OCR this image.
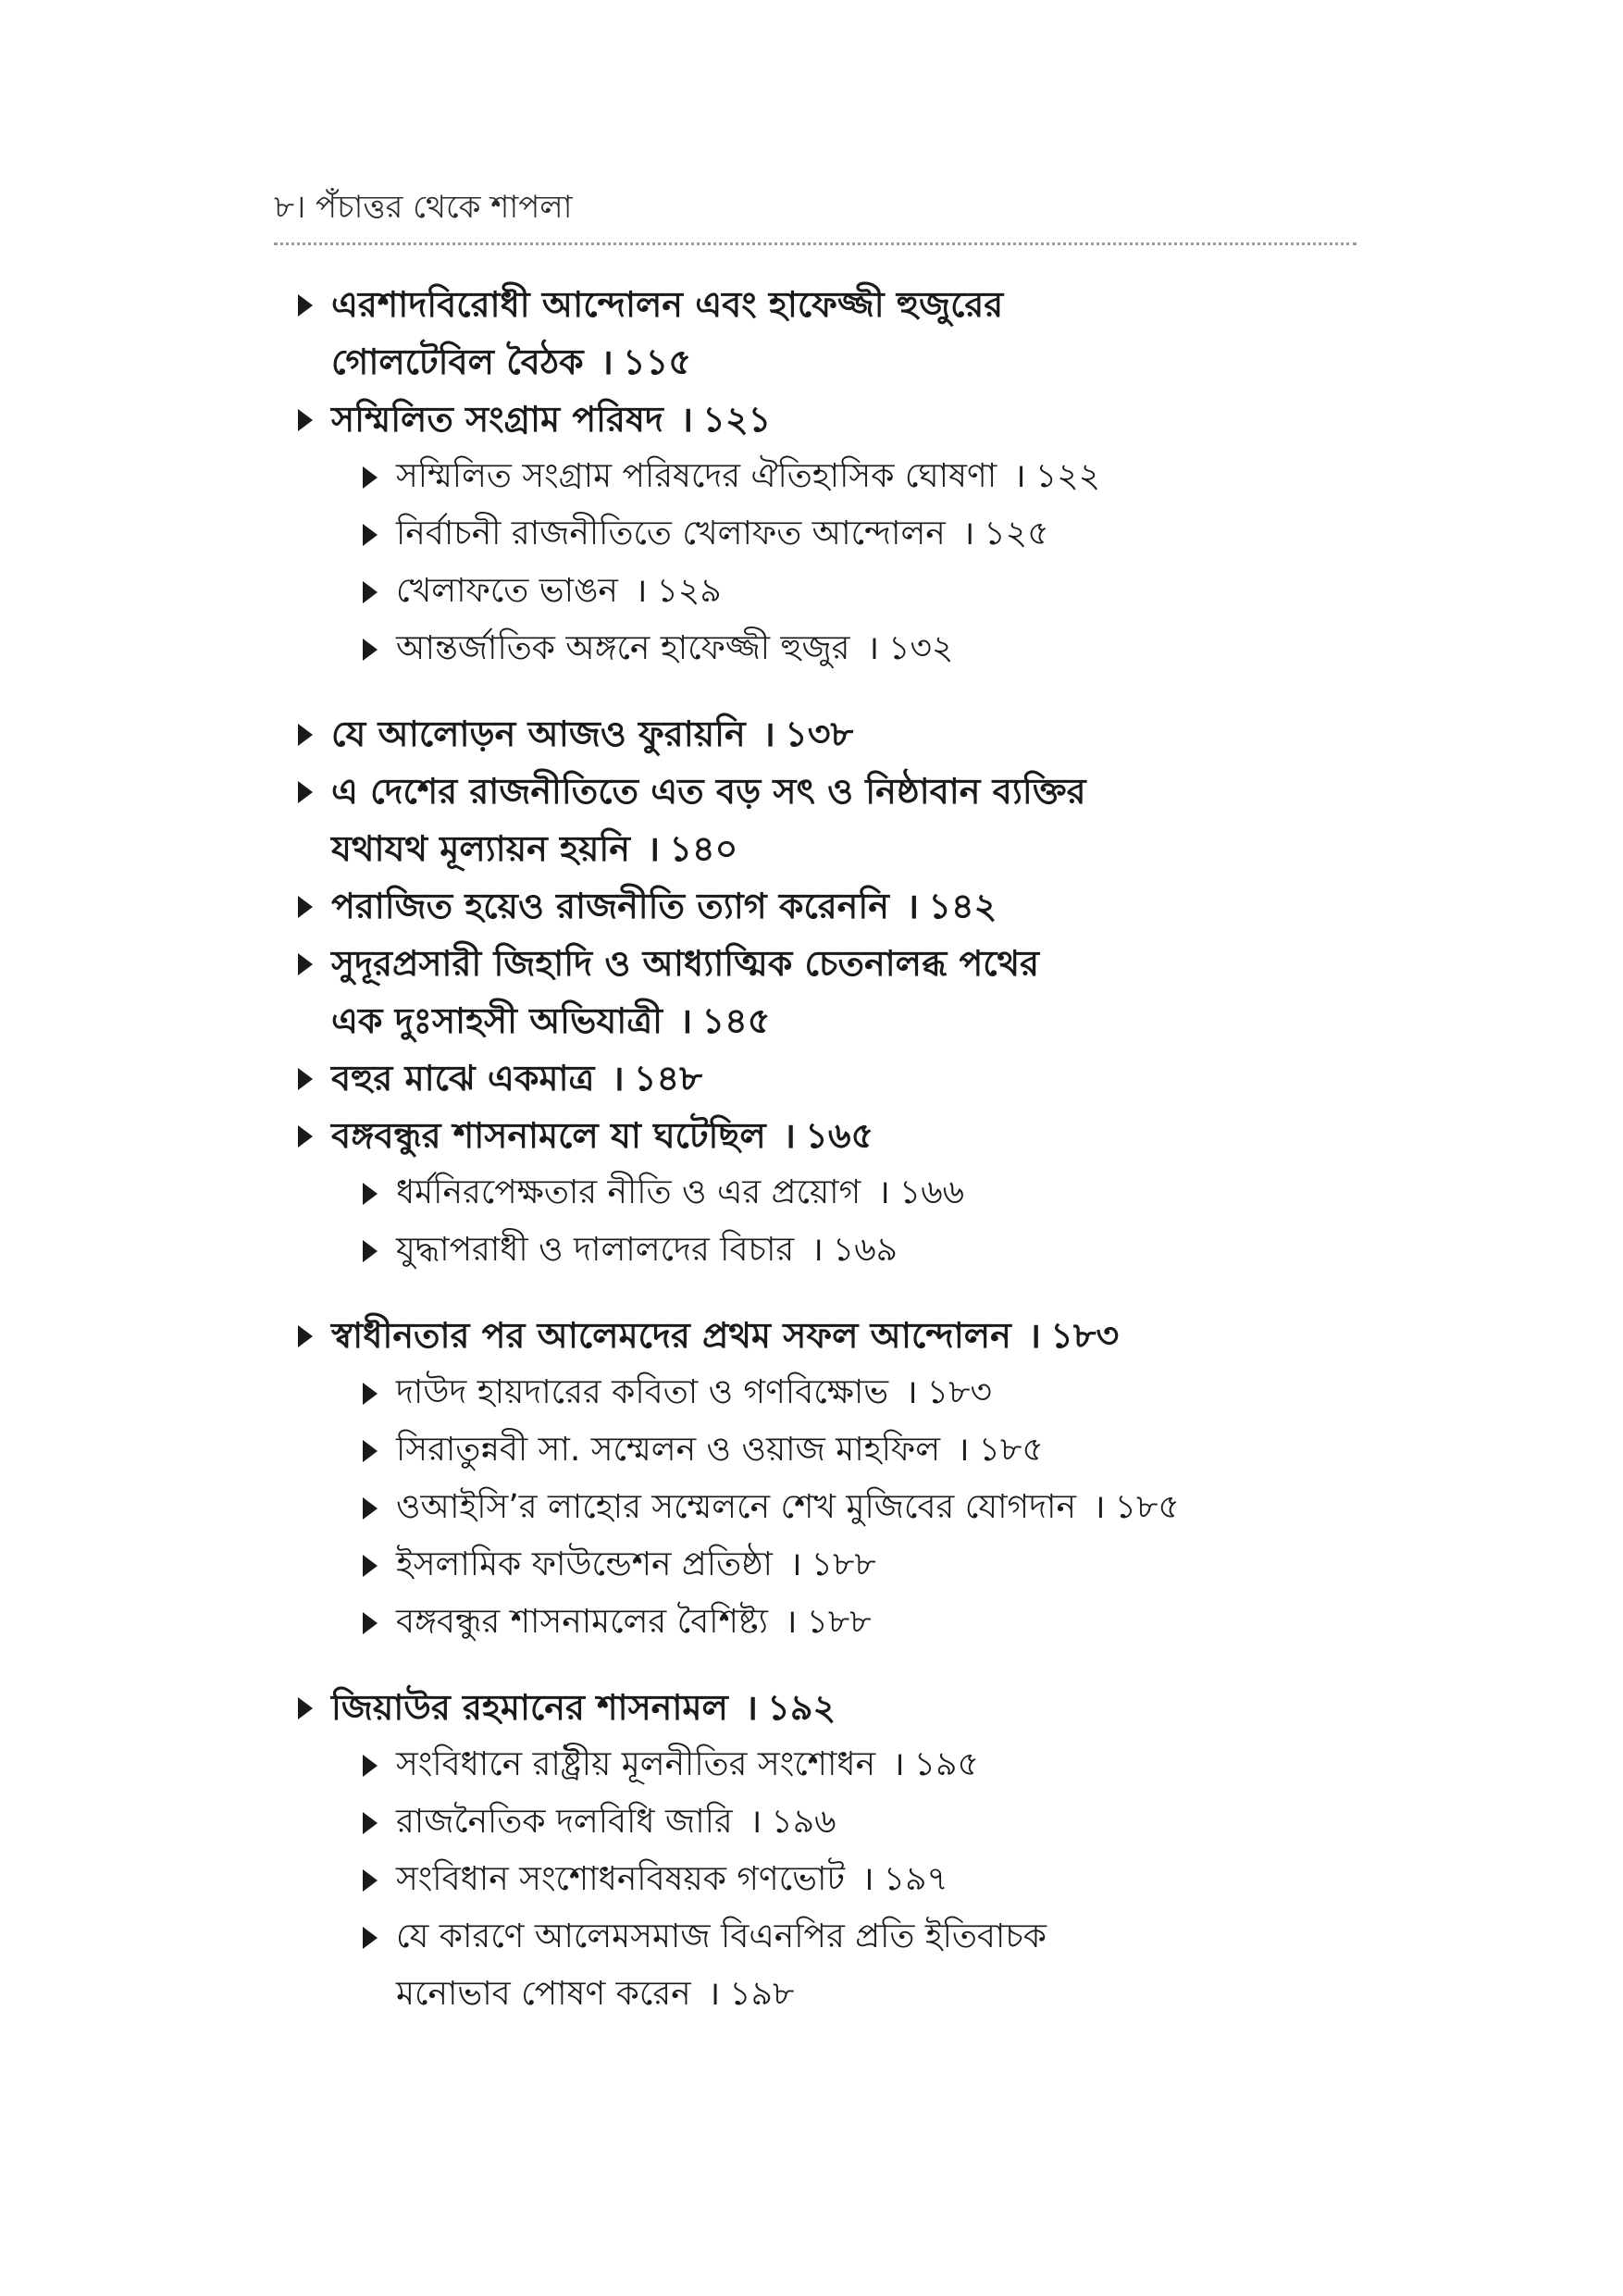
৮। পঁচাত্তর থেকে শাপলা
এরশাদবিরোধী আন্দোলন এবং হাফেজ্জী হুজুরের
গোলটেবিল বৈঠক । ১১৫
সম্মিলিত সংগ্রাম পরিষদ । ১২১
সম্মিলিত সংগ্রাম পরিষদের ঐতিহাসিক ঘোষণা । ১২২
নির্বাচনী রাজনীতিতে খেলাফত আন্দোলন । ১২৫
খেলাফতে ভাঙন । ১২৯
আন্তর্জাতিক অঙ্গনে হাফেজ্জী হুজুর । ১৩২
যে আলোড়ন আজও ফুরায়নি । ১৩৮
এ দেশের রাজনীতিতে এত বড় সৎ ও নিষ্ঠাবান ব্যক্তির
যথাযথ মূল্যায়ন হয়নি । ১৪০
পরাজিত হয়েও রাজনীতি ত্যাগ করেননি । ১৪২
সুদূরপ্রসারী জিহাদি ও আধ্যাত্মিক চেতনালব্ধ পথের
এক দুঃসাহসী অভিযাত্রী । ১৪৫
বহুর মাঝে একমাত্র । ১৪৮
বঙ্গবন্ধুর শাসনামলে যা ঘটেছিল । ১৬৫
ধর্মনিরপেক্ষতার নীতি ও এর প্রয়োগ । ১৬৬
যুদ্ধাপরাধী ও দালালদের বিচার । ১৬৯
স্বাধীনতার পর আলেমদের প্রথম সফল আন্দোলন । ১৮৩
দাউদ হায়দারের কবিতা ও গণবিক্ষোভ । ১৮৩
সিরাতুন্নবী সা. সম্মেলন ও ওয়াজ মাহফিল । ১৮৫
ওআইসি’র লাহোর সম্মেলনে শেখ মুজিবের যোগদান । ১৮৫
ইসলামিক ফাউন্ডেশন প্রতিষ্ঠা । ১৮৮
বঙ্গবন্ধুর শাসনামলের বৈশিষ্ট্য । ১৮৮
জিয়াউর রহমানের শাসনামল । ১৯২
সংবিধানে রাষ্ট্রীয় মূলনীতির সংশোধন । ১৯৫
রাজনৈতিক দলবিধি জারি । ১৯৬
সংবিধান সংশোধনবিষয়ক গণভোট । ১৯৭
যে কারণে আলেমসমাজ বিএনপির প্রতি ইতিবাচক
মনোভাব পোষণ করেন । ১৯৮
